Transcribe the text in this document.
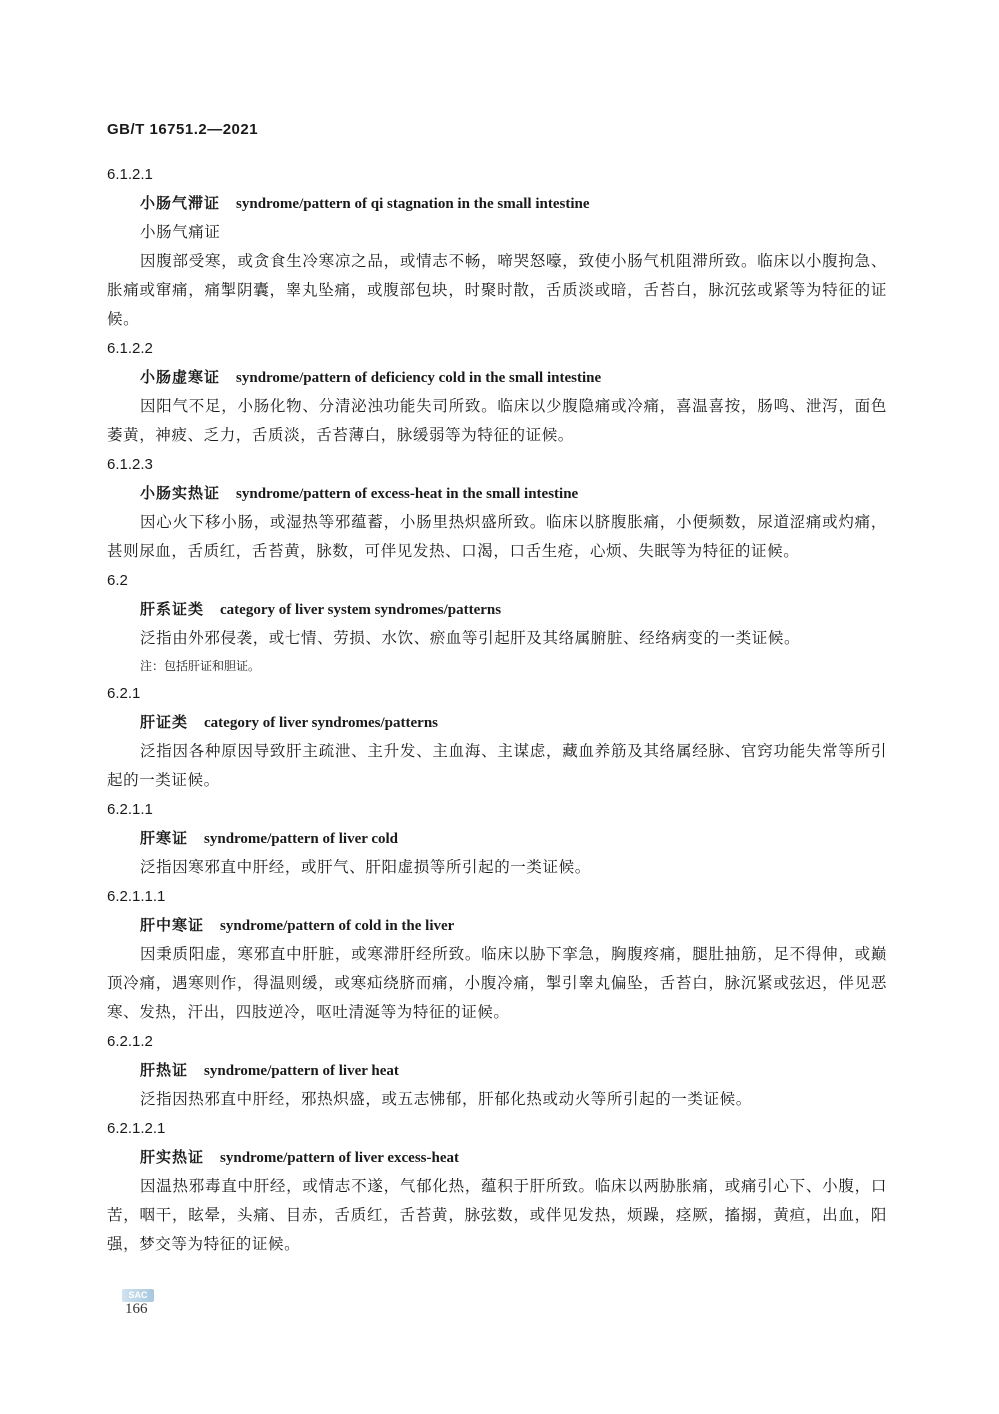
GB/T 16751.2—2021

6.1.2.1

小肠气滞证 syndrome/pattern of qi stagnation in the small intestine

小肠气痛证

因腹部受寒，或贪食生冷寒凉之品，或情志不畅，啼哭怒嚎，致使小肠气机阻滞所致。临床以小腹拘急、胀痛或窜痛，痛掣阴囊，睾丸坠痛，或腹部包块，时聚时散，舌质淡或暗，舌苔白，脉沉弦或紧等为特征的证候。

6.1.2.2

小肠虚寒证 syndrome/pattern of deficiency cold in the small intestine

因阳气不足，小肠化物、分清泌浊功能失司所致。临床以少腹隐痛或冷痛，喜温喜按，肠鸣、泄泻，面色萎黄，神疲、乏力，舌质淡，舌苔薄白，脉缓弱等为特征的证候。

6.1.2.3

小肠实热证 syndrome/pattern of excess-heat in the small intestine

因心火下移小肠，或湿热等邪蕴蓄，小肠里热炽盛所致。临床以脐腹胀痛，小便频数，尿道涩痛或灼痛，甚则尿血，舌质红，舌苔黄，脉数，可伴见发热、口渴，口舌生疮，心烦、失眠等为特征的证候。

6.2

肝系证类 category of liver system syndromes/patterns

泛指由外邪侵袭，或七情、劳损、水饮、瘀血等引起肝及其络属腑脏、经络病变的一类证候。

注：包括肝证和胆证。

6.2.1

肝证类 category of liver syndromes/patterns

泛指因各种原因导致肝主疏泄、主升发、主血海、主谋虑，藏血养筋及其络属经脉、官窍功能失常等所引起的一类证候。

6.2.1.1

肝寒证 syndrome/pattern of liver cold

泛指因寒邪直中肝经，或肝气、肝阳虚损等所引起的一类证候。

6.2.1.1.1

肝中寒证 syndrome/pattern of cold in the liver

因秉质阳虚，寒邪直中肝脏，或寒滞肝经所致。临床以胁下挛急，胸腹疼痛，腿肚抽筋，足不得伸，或巅顶冷痛，遇寒则作，得温则缓，或寒疝绕脐而痛，小腹冷痛，掣引睾丸偏坠，舌苔白，脉沉紧或弦迟，伴见恶寒、发热，汗出，四肢逆冷，呕吐清涎等为特征的证候。

6.2.1.2

肝热证 syndrome/pattern of liver heat

泛指因热邪直中肝经，邪热炽盛，或五志怫郁，肝郁化热或动火等所引起的一类证候。

6.2.1.2.1

肝实热证 syndrome/pattern of liver excess-heat

因温热邪毒直中肝经，或情志不遂，气郁化热，蕴积于肝所致。临床以两胁胀痛，或痛引心下、小腹，口苦，咽干，眩晕，头痛、目赤，舌质红，舌苔黄，脉弦数，或伴见发热，烦躁，痉厥，搐搦，黄疸，出血，阳强，梦交等为特征的证候。

SAC
166
